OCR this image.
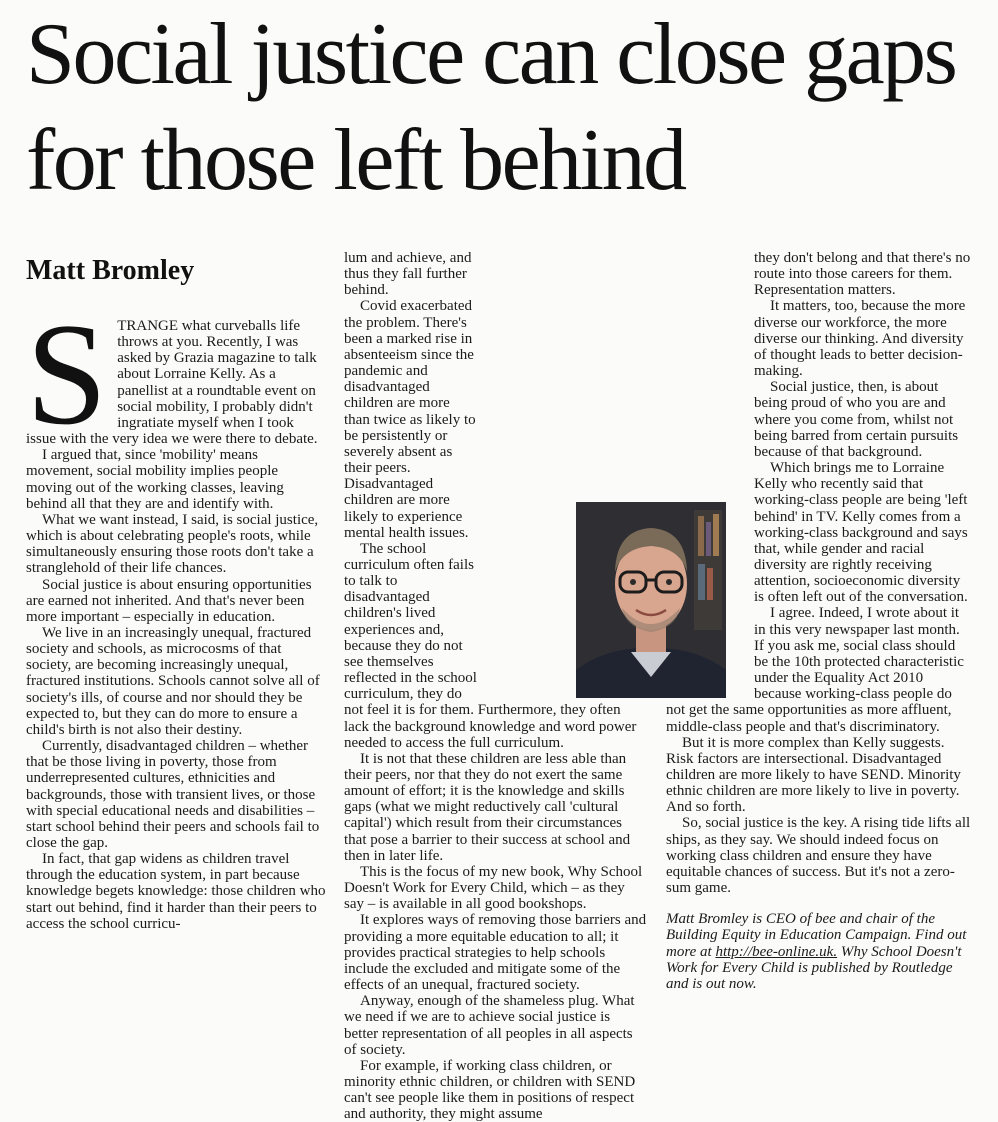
Social justice can close gaps for those left behind
Matt Bromley

STRANGE what curveballs life throws at you. Recently, I was asked by Grazia magazine to talk about Lorraine Kelly. As a panellist at a roundtable event on social mobility, I probably didn't ingratiate myself when I took issue with the very idea we were there to debate.

I argued that, since 'mobility' means movement, social mobility implies people moving out of the working classes, leaving behind all that they are and identify with.

What we want instead, I said, is social justice, which is about celebrating people's roots, while simultaneously ensuring those roots don't take a stranglehold of their life chances.

Social justice is about ensuring opportunities are earned not inherited. And that's never been more important – especially in education.

We live in an increasingly unequal, fractured society and schools, as microcosms of that society, are becoming increasingly unequal, fractured institutions. Schools cannot solve all of society's ills, of course and nor should they be expected to, but they can do more to ensure a child's birth is not also their destiny.

Currently, disadvantaged children – whether that be those living in poverty, those from underrepresented cultures, ethnicities and backgrounds, those with transient lives, or those with special educational needs and disabilities – start school behind their peers and schools fail to close the gap.

In fact, that gap widens as children travel through the education system, in part because knowledge begets knowledge: those children who start out behind, find it harder than their peers to access the school curricu-

lum and achieve, and thus they fall further behind.

Covid exacerbated the problem. There's been a marked rise in absenteeism since the pandemic and disadvantaged children are more than twice as likely to be persistently or severely absent as their peers. Disadvantaged children are more likely to experience mental health issues.

The school curriculum often fails to talk to disadvantaged children's lived experiences and, because they do not see themselves reflected in the school curriculum, they do not feel it is for them. Furthermore, they often lack the background knowledge and word power needed to access the full curriculum.

It is not that these children are less able than their peers, nor that they do not exert the same amount of effort; it is the knowledge and skills gaps (what we might reductively call 'cultural capital') which result from their circumstances that pose a barrier to their success at school and then in later life.

This is the focus of my new book, Why School Doesn't Work for Every Child, which – as they say – is available in all good bookshops.

It explores ways of removing those barriers and providing a more equitable education to all; it provides practical strategies to help schools include the excluded and mitigate some of the effects of an unequal, fractured society.

Anyway, enough of the shameless plug. What we need if we are to achieve social justice is better representation of all peoples in all aspects of society.

For example, if working class children, or minority ethnic children, or children with SEND can't see people like them in positions of respect and authority, they might assume

they don't belong and that there's no route into those careers for them. Representation matters.

It matters, too, because the more diverse our workforce, the more diverse our thinking. And diversity of thought leads to better decision-making.

Social justice, then, is about being proud of who you are and where you come from, whilst not being barred from certain pursuits because of that background.

Which brings me to Lorraine Kelly who recently said that working-class people are being 'left behind' in TV. Kelly comes from a working-class background and says that, while gender and racial diversity are rightly receiving attention, socioeconomic diversity is often left out of the conversation.

I agree. Indeed, I wrote about it in this very newspaper last month. If you ask me, social class should be the 10th protected characteristic under the Equality Act 2010 because working-class people do not get the same opportunities as more affluent, middle-class people and that's discriminatory.

But it is more complex than Kelly suggests. Risk factors are intersectional. Disadvantaged children are more likely to have SEND. Minority ethnic children are more likely to live in poverty. And so forth.

So, social justice is the key. A rising tide lifts all ships, as they say. We should indeed focus on working class children and ensure they have equitable chances of success. But it's not a zero-sum game.

Matt Bromley is CEO of bee and chair of the Building Equity in Education Campaign. Find out more at http://bee-online.uk. Why School Doesn't Work for Every Child is published by Routledge and is out now.
